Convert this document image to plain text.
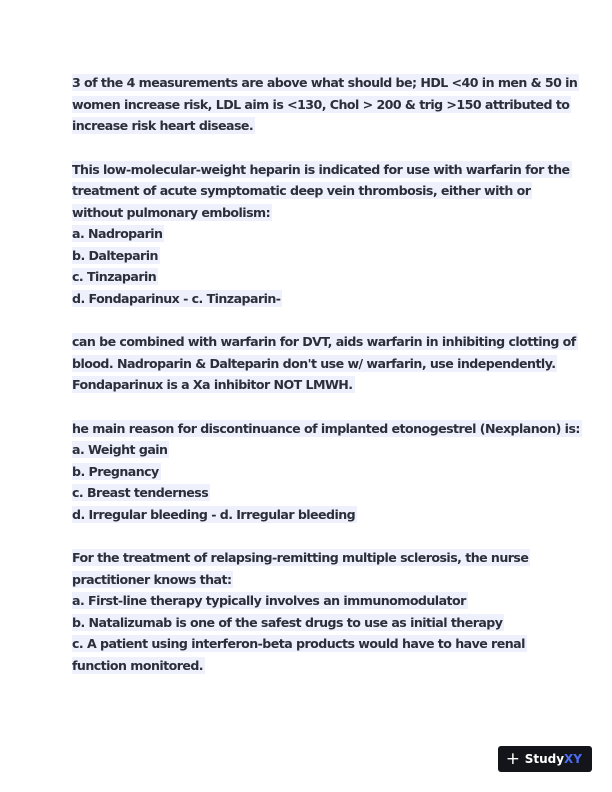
3 of the 4 measurements are above what should be; HDL <40 in men & 50 in
women increase risk, LDL aim is <130, Chol > 200 & trig >150 attributed to
increase risk heart disease.
This low-molecular-weight heparin is indicated for use with warfarin for the
treatment of acute symptomatic deep vein thrombosis, either with or
without pulmonary embolism:
a. Nadroparin
b. Dalteparin
c. Tinzaparin
d. Fondaparinux - c. Tinzaparin-
can be combined with warfarin for DVT, aids warfarin in inhibiting clotting of
blood. Nadroparin & Dalteparin don't use w/ warfarin, use independently.
Fondaparinux is a Xa inhibitor NOT LMWH.
he main reason for discontinuance of implanted etonogestrel (Nexplanon) is:
a. Weight gain
b. Pregnancy
c. Breast tenderness
d. Irregular bleeding - d. Irregular bleeding
For the treatment of relapsing-remitting multiple sclerosis, the nurse
practitioner knows that:
a. First-line therapy typically involves an immunomodulator
b. Natalizumab is one of the safest drugs to use as initial therapy
c. A patient using interferon-beta products would have to have renal
function monitored.
+ StudyXY
